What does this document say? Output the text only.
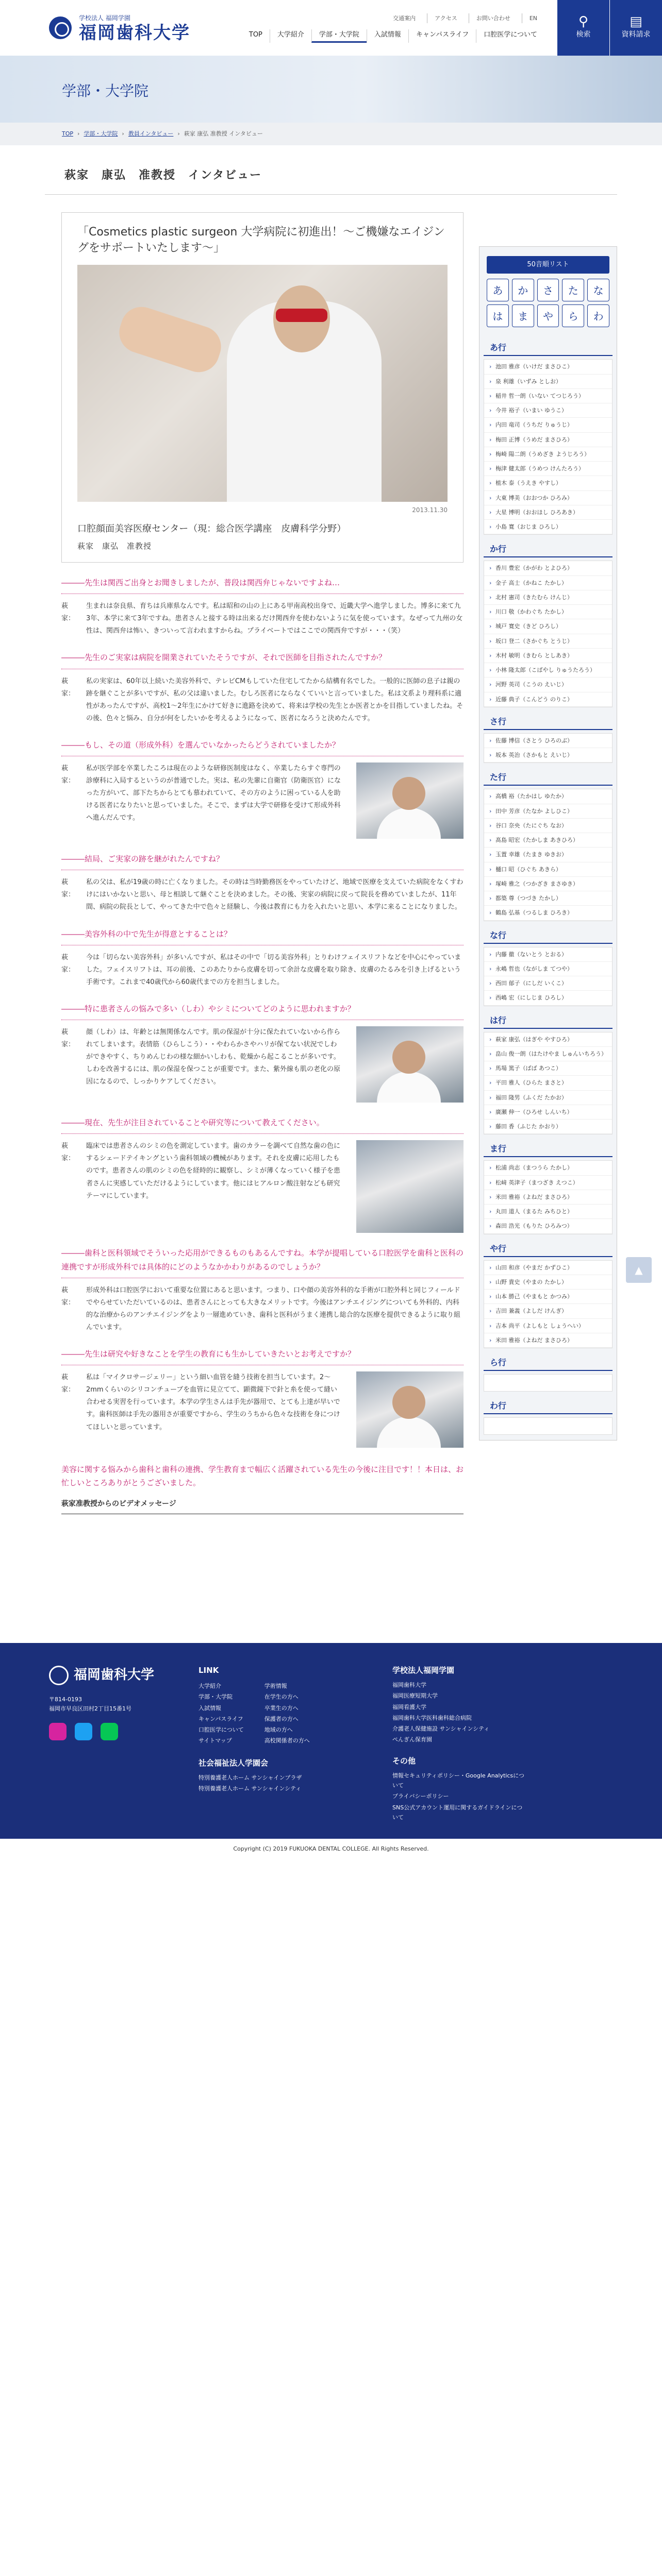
学校法人 福岡学園
福岡歯科大学
交通案内	アクセス	お問い合わせ	EN
TOP	大学紹介	学部・大学院	入試情報	キャンパスライフ	口腔医学について
⚲
検索
▤
資料請求
学部・大学院
TOP › 学部・大学院 › 教員インタビュー › 萩家 康弘 准教授 インタビュー
萩家　康弘　准教授　インタビュー
「Cosmetics plastic surgeon 大学病院に初進出！～ご機嫌なエイジングをサポートいたします～」
2013.11.30
口腔顔面美容医療センター（現：総合医学講座　皮膚科学分野）
萩家　康弘　准教授

―――先生は関西ご出身とお聞きしましたが、普段は関西弁じゃないですよね…

萩家：

生まれは奈良県、育ちは兵庫県なんです。私は昭和の山の上にある甲南高校出身で、近畿大学へ進学しました。博多に来て九3年、本学に来て3年ですね。患者さんと接する時は出来るだけ関西弁を使わないように気を使っています。なぜって九州の女性は、関西弁は怖い、きついって言われますからね。プライベートではここでの関西弁ですが・・・（笑）

―――先生のご実家は病院を開業されていたそうですが、それで医師を目指されたんですか？

萩家：

私の実家は、60年以上続いた美容外科で、テレビCMもしていた住宅してたから結構有名でした。一般的に医師の息子は親の跡を継ぐことが多いですが、私の父は違いました。むしろ医者にならなくていいと言っていました。私は文系より理科系に適性があったんですが、高校1～2年生にかけて好きに進路を決めて、将来は学校の先生とか医者とかを目指していましたね。その後、色々と悩み、自分が何をしたいかを考えるようになって、医者になろうと決めたんです。

―――もし、その道（形成外科）を選んでいなかったらどうされていましたか？

萩家：

私が医学部を卒業したころは現在のような研修医制度はなく、卒業したらすぐ専門の診療科に入局するというのが普通でした。実は、私の先輩に自衛官（防衛医官）になった方がいて、部下たちからとても慕われていて、その方のように困っている人を助ける医者になりたいと思っていました。そこで、まずは大学で研修を受けて形成外科へ進んだんです。

―――結局、ご実家の跡を継がれたんですね？

萩家：

私の父は、私が19歳の時に亡くなりました。その時は当時勤務医をやっていたけど、地域で医療を支えていた病院をなくすわけにはいかないと思い、母と相談して継ぐことを決めました。その後、実家の病院に戻って院長を務めていましたが、11年間、病院の院長として、やってきた中で色々と経験し、今後は教育にも力を入れたいと思い、本学に来ることになりました。

―――美容外科の中で先生が得意とすることは？

萩家：

今は「切らない美容外科」が多いんですが、私はその中で「切る美容外科」とりわけフェイスリフトなどを中心にやっていました。フェイスリフトは、耳の前後、このあたりから皮膚を切って余計な皮膚を取り除き、皮膚のたるみを引き上げるという手術です。これまで40歳代から60歳代までの方を担当しました。

―――特に患者さんの悩みで多い（しわ）やシミについてどのように思われますか？

萩家：

顔（しわ）は、年齢とは無関係なんです。肌の保湿が十分に保たれていないから作られてしまいます。表情筋（ひらしこう）・・やわらかさやハリが保てない状況でしわができやすく、ちりめんじわの様な細かいしわも、乾燥から起こることが多いです。しわを改善するには、肌の保湿を保つことが重要です。また、紫外線も肌の老化の原因になるので、しっかりケアしてください。

―――現在、先生が注目されていることや研究等について教えてください。

萩家：

臨床では患者さんのシミの色を測定しています。歯のカラーを調べて自然な歯の色にするシェードテイキングという歯科領域の機械があります。それを皮膚に応用したものです。患者さんの肌のシミの色を経時的に観察し、シミが薄くなっていく様子を患者さんに実感していただけるようにしています。他にはヒアルロン酸注射なども研究テーマにしています。

―――歯科と医科領域でそういった応用ができるものもあるんですね。本学が提唱している口腔医学を歯科と医科の連携ですが形成外科では具体的にどのようなかかわりがあるのでしょうか？

萩家：

形成外科は口腔医学において重要な位置にあると思います。つまり、口や顔の美容外科的な手術が口腔外科と同じフィールドでやらせていただいているのは、患者さんにとっても大きなメリットです。今後はアンチエイジングについても外科的、内科的な治療からのアンチエイジングをより一層進めていき、歯科と医科がうまく連携し総合的な医療を提供できるように取り組んでいます。

―――先生は研究や好きなことを学生の教育にも生かしていきたいとお考えですか？

萩家：

私は「マイクロサージェリー」という細い血管を縫う技術を担当しています。2～2mmくらいのシリコンチューブを血管に見立てて、顕微鏡下で針と糸を使って縫い合わせる実習を行っています。本学の学生さんは手先が器用で、とても上達が早いです。歯科医師は手先の器用さが重要ですから、学生のうちから色々な技術を身につけてほしいと思っています。

美容に関する悩みから歯科と歯科の連携、学生教育まで幅広く活躍されている先生の今後に注目です！！本日は、お忙しいところありがとうございました。

萩家准教授からのビデオメッセージ

50音順リスト
あ	か	さ	た	な
は	ま	や	ら	わ
あ行
› 池田 雅彦（いけだ まさひこ）
› 泉 利雄（いずみ としお）
› 稲井 哲一朗（いない てつじろう）
› 今井 裕子（いまい ゆうこ）
› 内田 竜司（うちだ りゅうじ）
› 梅田 正博（うめだ まさひろ）
› 梅崎 陽二朗（うめざき ようじろう）
› 梅津 健太郎（うめつ けんたろう）
› 植木 泰（うえき やすし）
› 大東 博美（おおつか ひろみ）
› 大星 博明（おおほし ひろあき）
› 小島 寛（おじま ひろし）
か行
› 香川 豊宏（かがわ とよひろ）
› 金子 高士（かねこ たかし）
› 北村 憲司（きたむら けんじ）
› 川口 敬（かわぐち たかし）
› 城戸 寛史（きど ひろし）
› 坂口 登二（さかぐち とうじ）
› 木村 敏明（きむら としあき）
› 小林 隆太郎（こばやし りゅうたろう）
› 河野 英司（こうの えいじ）
› 近藤 典子（こんどう のりこ）
さ行
› 佐藤 博信（さとう ひろのぶ）
› 坂本 英治（さかもと えいじ）
た行
› 高橋 裕（たかはし ゆたか）
› 田中 芳彦（たなか よしひこ）
› 谷口 奈央（たにぐち なお）
› 髙島 昭宏（たかしま あきひろ）
› 玉置 幸雄（たまき ゆきお）
› 樋口 昭（ひぐち あきら）
› 塚崎 雅之（つかざき まさゆき）
› 都築 尊（つづき たかし）
› 鶴島 弘基（つるしま ひろき）
な行
› 内藤 徹（ないとう とおる）
› 永嶋 哲也（ながしま てつや）
› 西田 郁子（にしだ いくこ）
› 西嶋 宏（にしじま ひろし）
は行
› 萩家 康弘（はぎや やすひろ）
› 畠山 俊一朗（はたけやま しゅんいちろう）
› 馬場 篤子（ばば あつこ）
› 平田 雅人（ひらた まさと）
› 福田 隆男（ふくだ たかお）
› 廣瀬 伸一（ひろせ しんいち）
› 藤田 香（ふじた かおり）
ま行
› 松浦 尚志（まつうら たかし）
› 松﨑 英津子（まつざき えつこ）
› 米田 雅裕（よねだ まさひろ）
› 丸田 道人（まるた みちひと）
› 森田 浩光（もりた ひろみつ）
や行
› 山田 和彦（やまだ かずひこ）
› 山野 貴史（やまの たかし）
› 山本 勝己（やまもと かつみ）
› 吉田 兼義（よしだ けんぎ）
› 吉本 尚平（よしもと しょうへい）
› 米田 雅裕（よねだ まさひろ）
ら行
わ行
▲
福岡歯科大学

〒814-0193
福岡市早良区田村2丁目15番1号

LINK

大学紹介

学部・大学院

入試情報

キャンパスライフ

口腔医学について

サイトマップ

学術情報

在学生の方へ

卒業生の方へ

保護者の方へ

地域の方へ

高校関係者の方へ

社会福祉法人学園会

特別養護老人ホーム サンシャインプラザ

特別養護老人ホーム サンシャインシティ

学校法人福岡学園

福岡歯科大学

福岡医療短期大学

福岡看護大学

福岡歯科大学医科歯科総合病院

介護老人保健施設 サンシャインシティ

ぺんぎん保育園

その他

情報セキュリティポリシー・Google Analyticsについて

プライバシーポリシー

SNS公式アカウント運用に関するガイドラインについて

Copyright (C) 2019 FUKUOKA DENTAL COLLEGE. All Rights Reserved.
